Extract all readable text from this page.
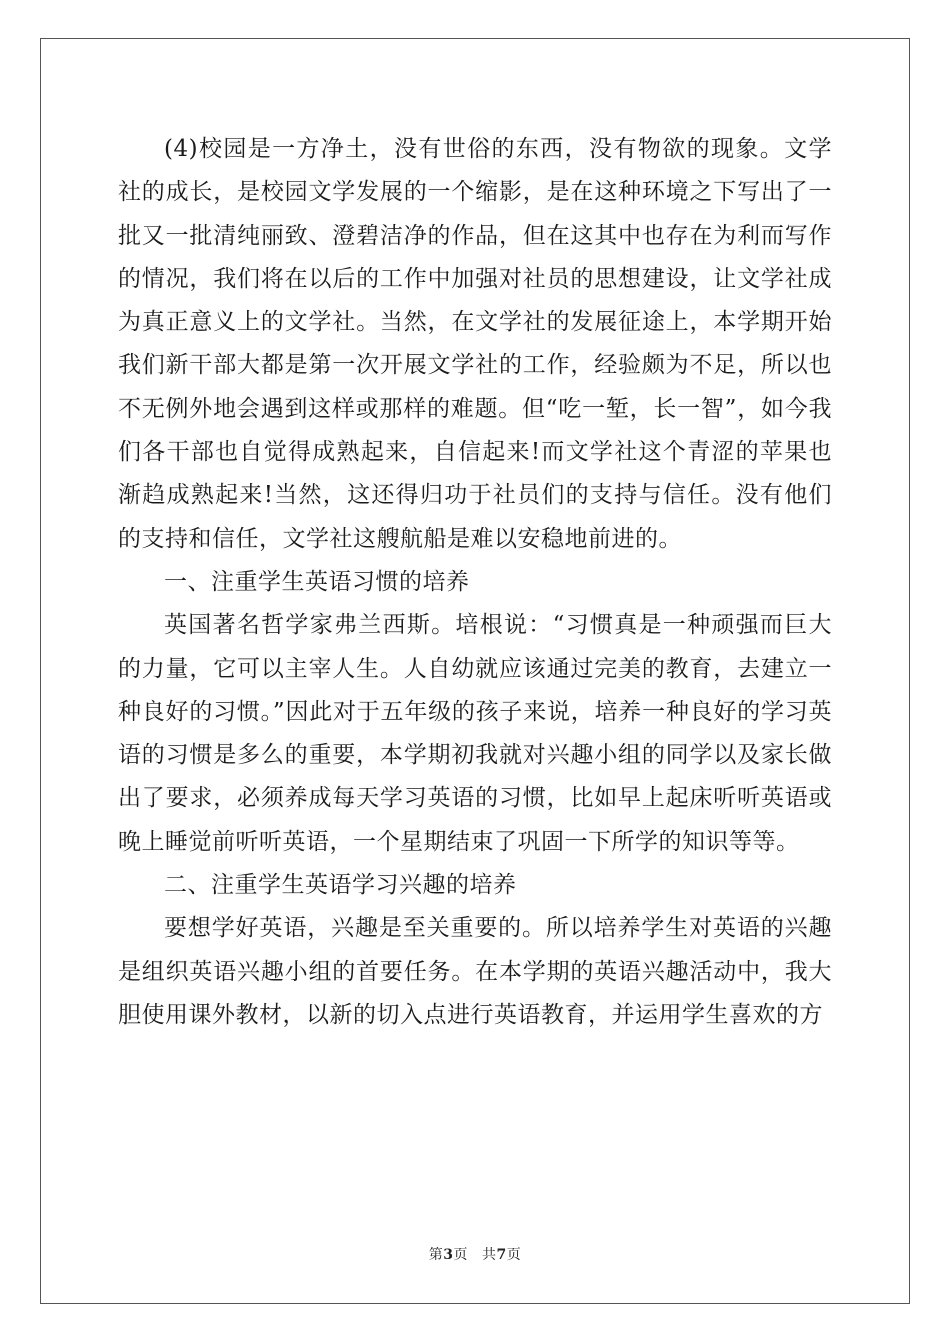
(4)校园是一方净土，没有世俗的东西，没有物欲的现象。文学社的成长，是校园文学发展的一个缩影，是在这种环境之下写出了一批又一批清纯丽致、澄碧洁净的作品，但在这其中也存在为利而写作的情况，我们将在以后的工作中加强对社员的思想建设，让文学社成为真正意义上的文学社。当然，在文学社的发展征途上，本学期开始我们新干部大都是第一次开展文学社的工作，经验颇为不足，所以也不无例外地会遇到这样或那样的难题。但“吃一堑，长一智”，如今我们各干部也自觉得成熟起来，自信起来!而文学社这个青涩的苹果也渐趋成熟起来!当然，这还得归功于社员们的支持与信任。没有他们的支持和信任，文学社这艘航船是难以安稳地前进的。

一、注重学生英语习惯的培养

英国著名哲学家弗兰西斯。培根说：“习惯真是一种顽强而巨大的力量，它可以主宰人生。人自幼就应该通过完美的教育，去建立一种良好的习惯。”因此对于五年级的孩子来说，培养一种良好的学习英语的习惯是多么的重要，本学期初我就对兴趣小组的同学以及家长做出了要求，必须养成每天学习英语的习惯，比如早上起床听听英语或晚上睡觉前听听英语，一个星期结束了巩固一下所学的知识等等。

二、注重学生英语学习兴趣的培养

要想学好英语，兴趣是至关重要的。所以培养学生对英语的兴趣是组织英语兴趣小组的首要任务。在本学期的英语兴趣活动中，我大胆使用课外教材，以新的切入点进行英语教育，并运用学生喜欢的方

第3页 共7页
